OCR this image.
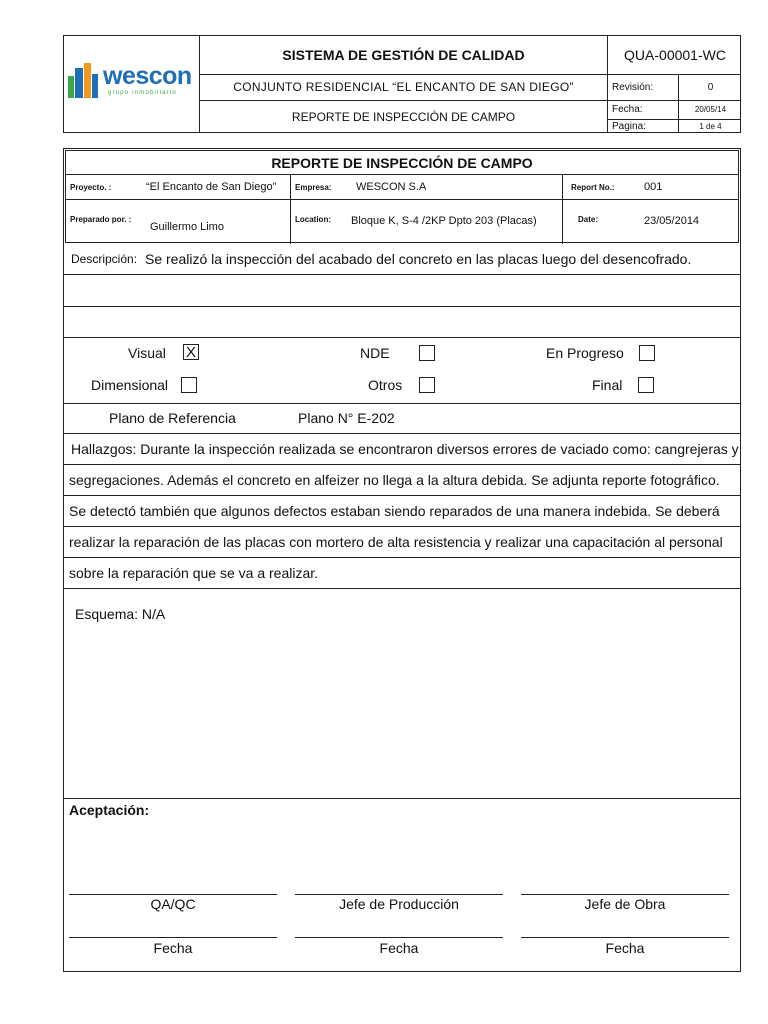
wescon
grupo inmobiliario
SISTEMA DE GESTIÓN DE CALIDAD	QUA-00001-WC
CONJUNTO RESIDENCIAL “EL ENCANTO DE SAN DIEGO”
REPORTE DE INSPECCIÓN DE CAMPO
Revisión:	0
Fecha:	20/05/14
Pagina:	1 de 4
REPORTE DE INSPECCIÓN DE CAMPO
Proyecto. :	“El Encanto de San Diego” Empresa: WESCON S.A	Report No.:	001
Preparado por. :
Guillermo Limo
Location: Bloque K, S-4 /2KP Dpto 203 (Placas)	Date:	23/05/2014
Descripción: Se realizó la inspección del acabado del concreto en las placas luego del desencofrado.
Visual X	NDE	En Progreso
Dimensional	Otros	Final
Plano de Referencia	Plano N° E-202
Hallazgos: Durante la inspección realizada se encontraron diversos errores de vaciado como: cangrejeras y
segregaciones. Además el concreto en alfeizer no llega a la altura debida. Se adjunta reporte fotográfico.
Se detectó también que algunos defectos estaban siendo reparados de una manera indebida. Se deberá
realizar la reparación de las placas con mortero de alta resistencia y realizar una capacitación al personal
sobre la reparación que se va a realizar.
Esquema: N/A
Aceptación:
QA/QC	Jefe de Producción	Jefe de Obra
Fecha	Fecha	Fecha
